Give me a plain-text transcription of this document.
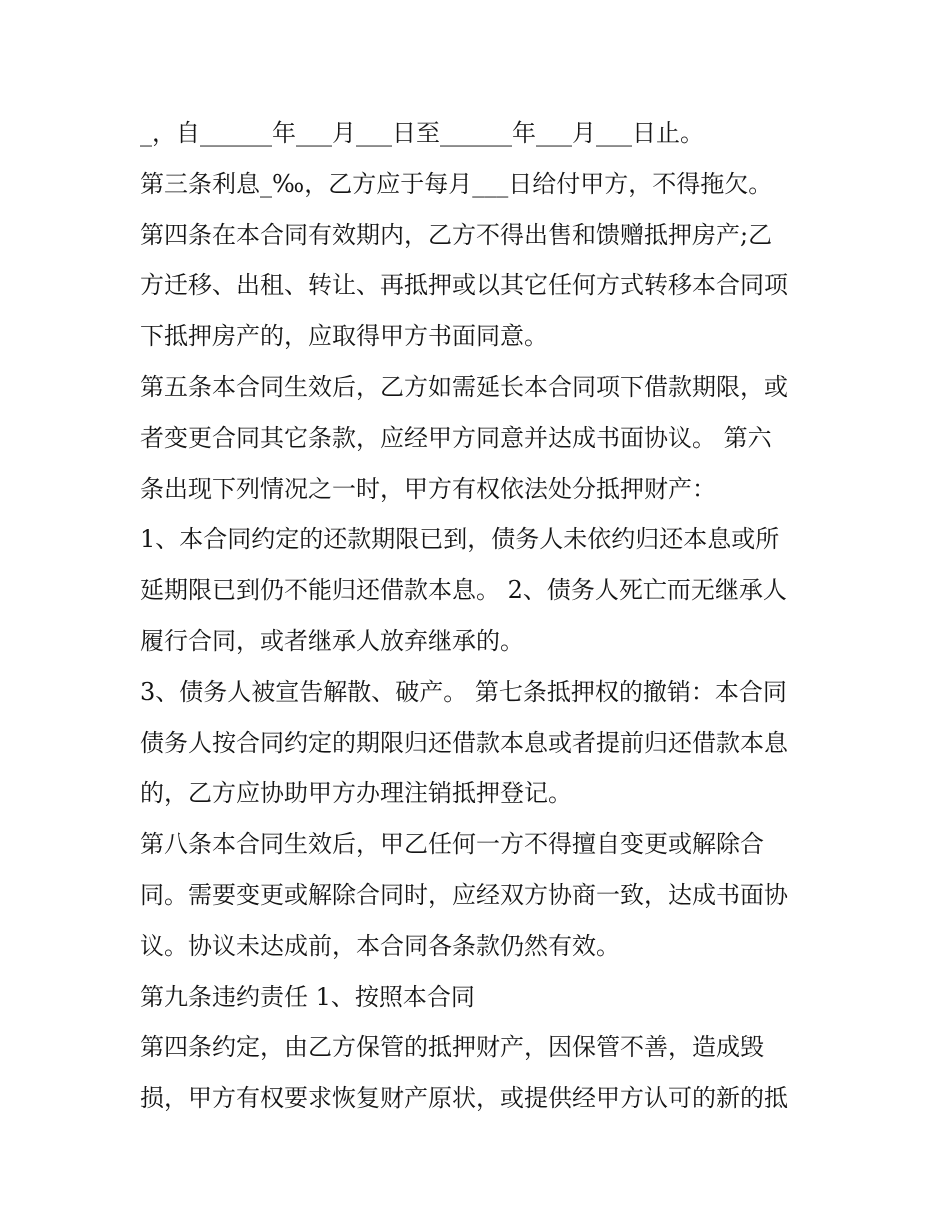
_，自______年___月___日至______年___月___日止。
第三条利息_‰，乙方应于每月___日给付甲方，不得拖欠。
第四条在本合同有效期内，乙方不得出售和馈赠抵押房产;乙
方迁移、出租、转让、再抵押或以其它任何方式转移本合同项
下抵押房产的，应取得甲方书面同意。
第五条本合同生效后，乙方如需延长本合同项下借款期限，或
者变更合同其它条款，应经甲方同意并达成书面协议。 第六
条出现下列情况之一时，甲方有权依法处分抵押财产：
1、本合同约定的还款期限已到，债务人未依约归还本息或所
延期限已到仍不能归还借款本息。 2、债务人死亡而无继承人
履行合同，或者继承人放弃继承的。
3、债务人被宣告解散、破产。 第七条抵押权的撤销：本合同
债务人按合同约定的期限归还借款本息或者提前归还借款本息
的，乙方应协助甲方办理注销抵押登记。
第八条本合同生效后，甲乙任何一方不得擅自变更或解除合
同。需要变更或解除合同时，应经双方协商一致，达成书面协
议。协议未达成前，本合同各条款仍然有效。
第九条违约责任 1、按照本合同
第四条约定，由乙方保管的抵押财产，因保管不善，造成毁
损，甲方有权要求恢复财产原状，或提供经甲方认可的新的抵
